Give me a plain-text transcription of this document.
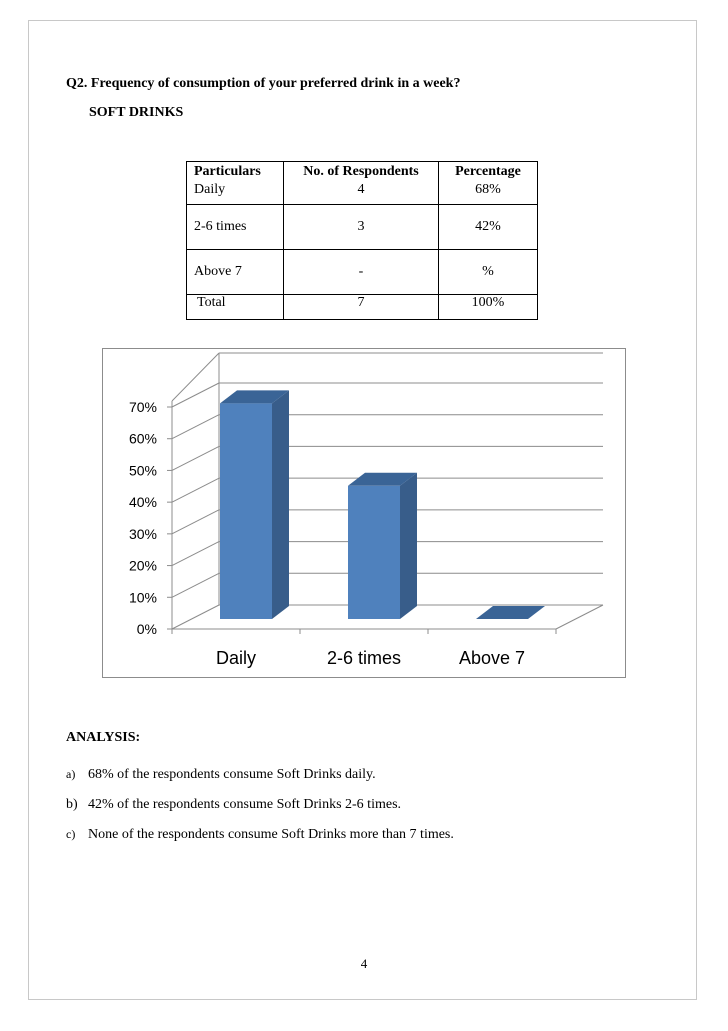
Q2. Frequency of consumption of your preferred drink in a week?
SOFT DRINKS
Particulars	No. of Respondents	Percentage
Daily	4	68%
2-6 times	3	42%
Above 7	-	%
Total	7	100%
0%
10%
20%
30%
40%
50%
60%
70%
Daily	2-6 times	Above 7
ANALYSIS:
a) 68% of the respondents consume Soft Drinks daily.
b) 42% of the respondents consume Soft Drinks 2-6 times.
c) None of the respondents consume Soft Drinks more than 7 times.
4
